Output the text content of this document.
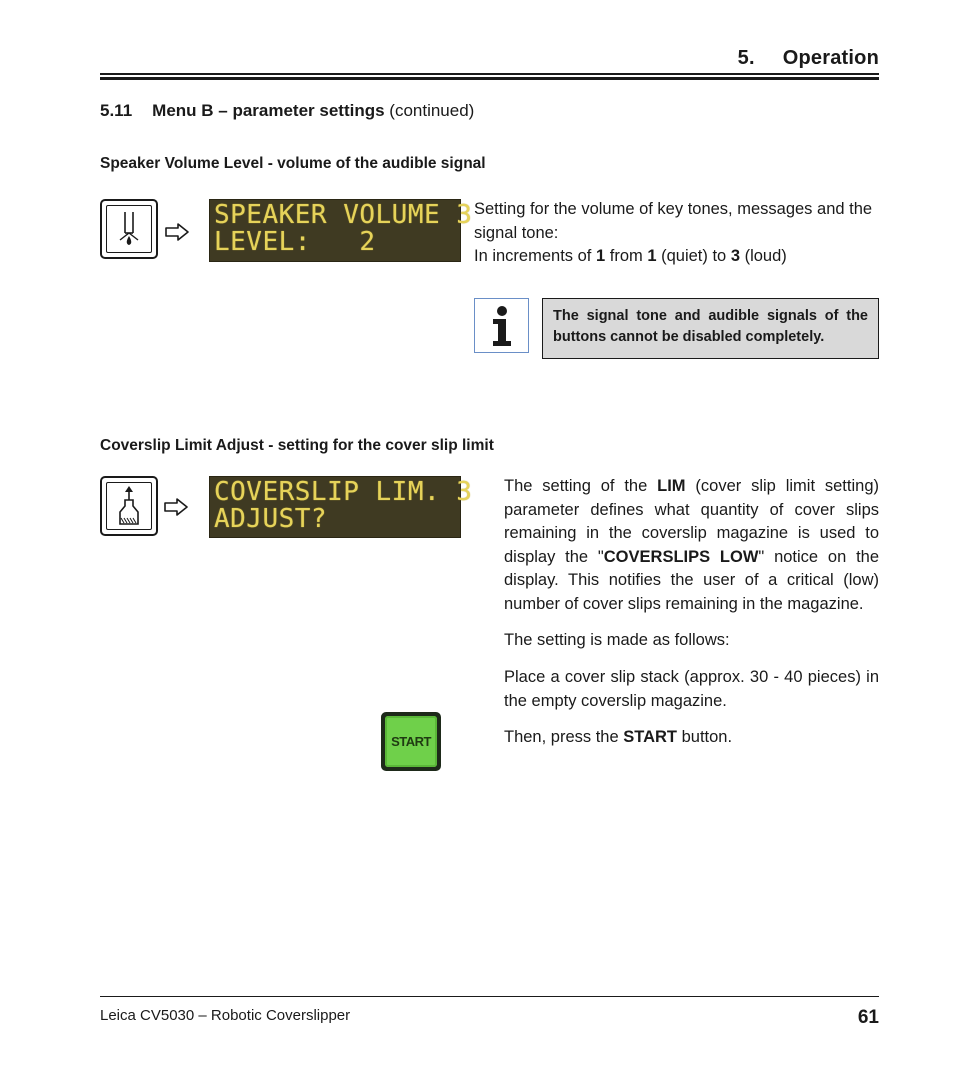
5. Operation
5.11 Menu B – parameter settings (continued)
Speaker Volume Level - volume of the audible signal
SPEAKER VOLUME 3
LEVEL:   2
Setting for the volume of key tones, messages and the signal tone:
In increments of 1 from 1 (quiet) to 3 (loud)
The signal tone and audible signals of the buttons cannot be disabled completely.
Coverslip Limit Adjust - setting for the cover slip limit
COVERSLIP LIM. 3
ADJUST?
The setting of the LIM (cover slip limit setting) parameter defines what quantity of cover slips remaining in the coverslip magazine is used to display the "COVERSLIPS LOW" notice on the display. This notifies the user of a critical (low) number of cover slips remaining in the magazine.
The setting is made as follows:
Place a cover slip stack (approx. 30 - 40 pieces) in the empty coverslip magazine.
Then, press the START button.
START
Leica CV5030 – Robotic Coverslipper	61
